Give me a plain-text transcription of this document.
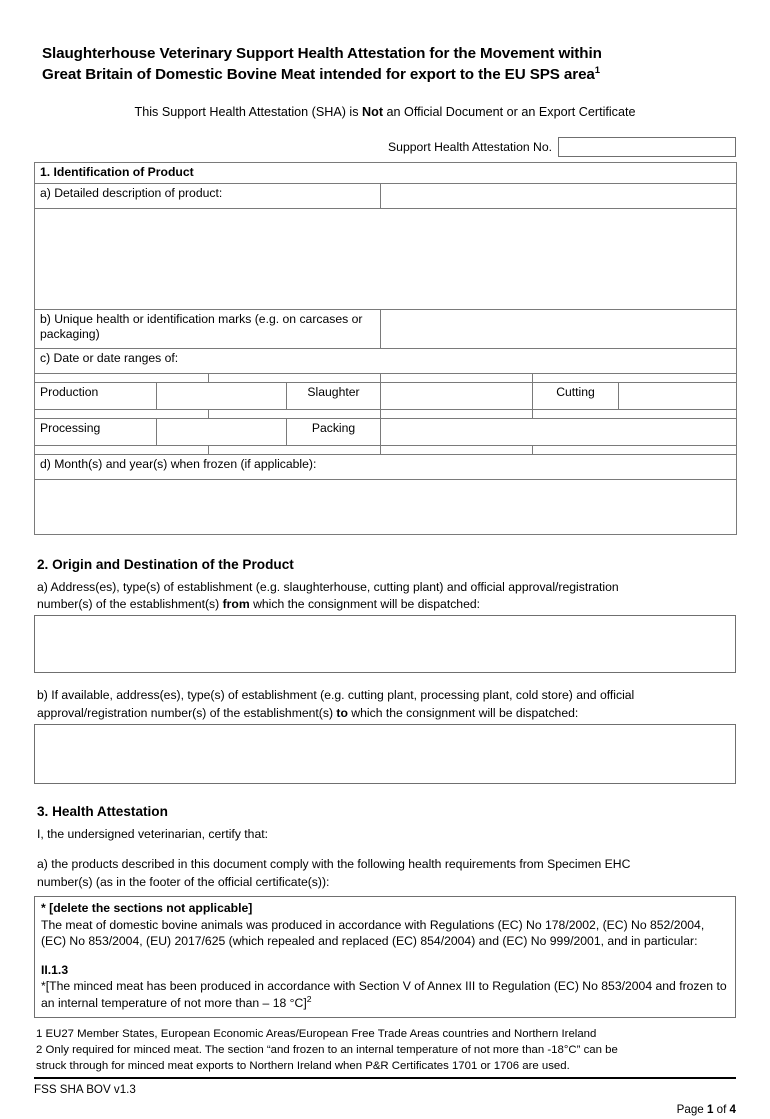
Slaughterhouse Veterinary Support Health Attestation for the Movement within
Great Britain of Domestic Bovine Meat intended for export to the EU SPS area$^1$
This Support Health Attestation (SHA) is Not an Official Document or an Export Certificate
Support Health Attestation No.
1. Identification of Product						
a) Detailed description of product:						

b) Unique health or identification marks (e.g. on carcases or packaging)						
c) Date or date ranges of:						

Production			Slaughter		Cutting	

Processing			Packing			

d) Month(s) and year(s) when frozen (if applicable):						

2. Origin and Destination of the Product
a) Address(es), type(s) of establishment (e.g. slaughterhouse, cutting plant) and official approval/registration
number(s) of the establishment(s) from which the consignment will be dispatched:
b) If available, address(es), type(s) of establishment (e.g. cutting plant, processing plant, cold store) and official
approval/registration number(s) of the establishment(s) to which the consignment will be dispatched:
3. Health Attestation
I, the undersigned veterinarian, certify that:
a) the products described in this document comply with the following health requirements from Specimen EHC
number(s) (as in the footer of the official certificate(s)):

* [delete the sections not applicable]

The meat of domestic bovine animals was produced in accordance with Regulations (EC) No 178/2002, (EC) No 852/2004, (EC) No 853/2004, (EU) 2017/625 (which repealed and replaced (EC) 854/2004) and (EC) No 999/2001, and in particular:

II.1.3

*[The minced meat has been produced in accordance with Section V of Annex III to Regulation (EC) No 853/2004 and frozen to an internal temperature of not more than – 18 °C]$^2$

1 EU27 Member States, European Economic Areas/European Free Trade Areas countries and Northern Ireland
2 Only required for minced meat. The section “and frozen to an internal temperature of not more than -18°C” can be
struck through for minced meat exports to Northern Ireland when P&R Certificates 1701 or 1706 are used.
FSS SHA BOV v1.3
Page 1 of 4
